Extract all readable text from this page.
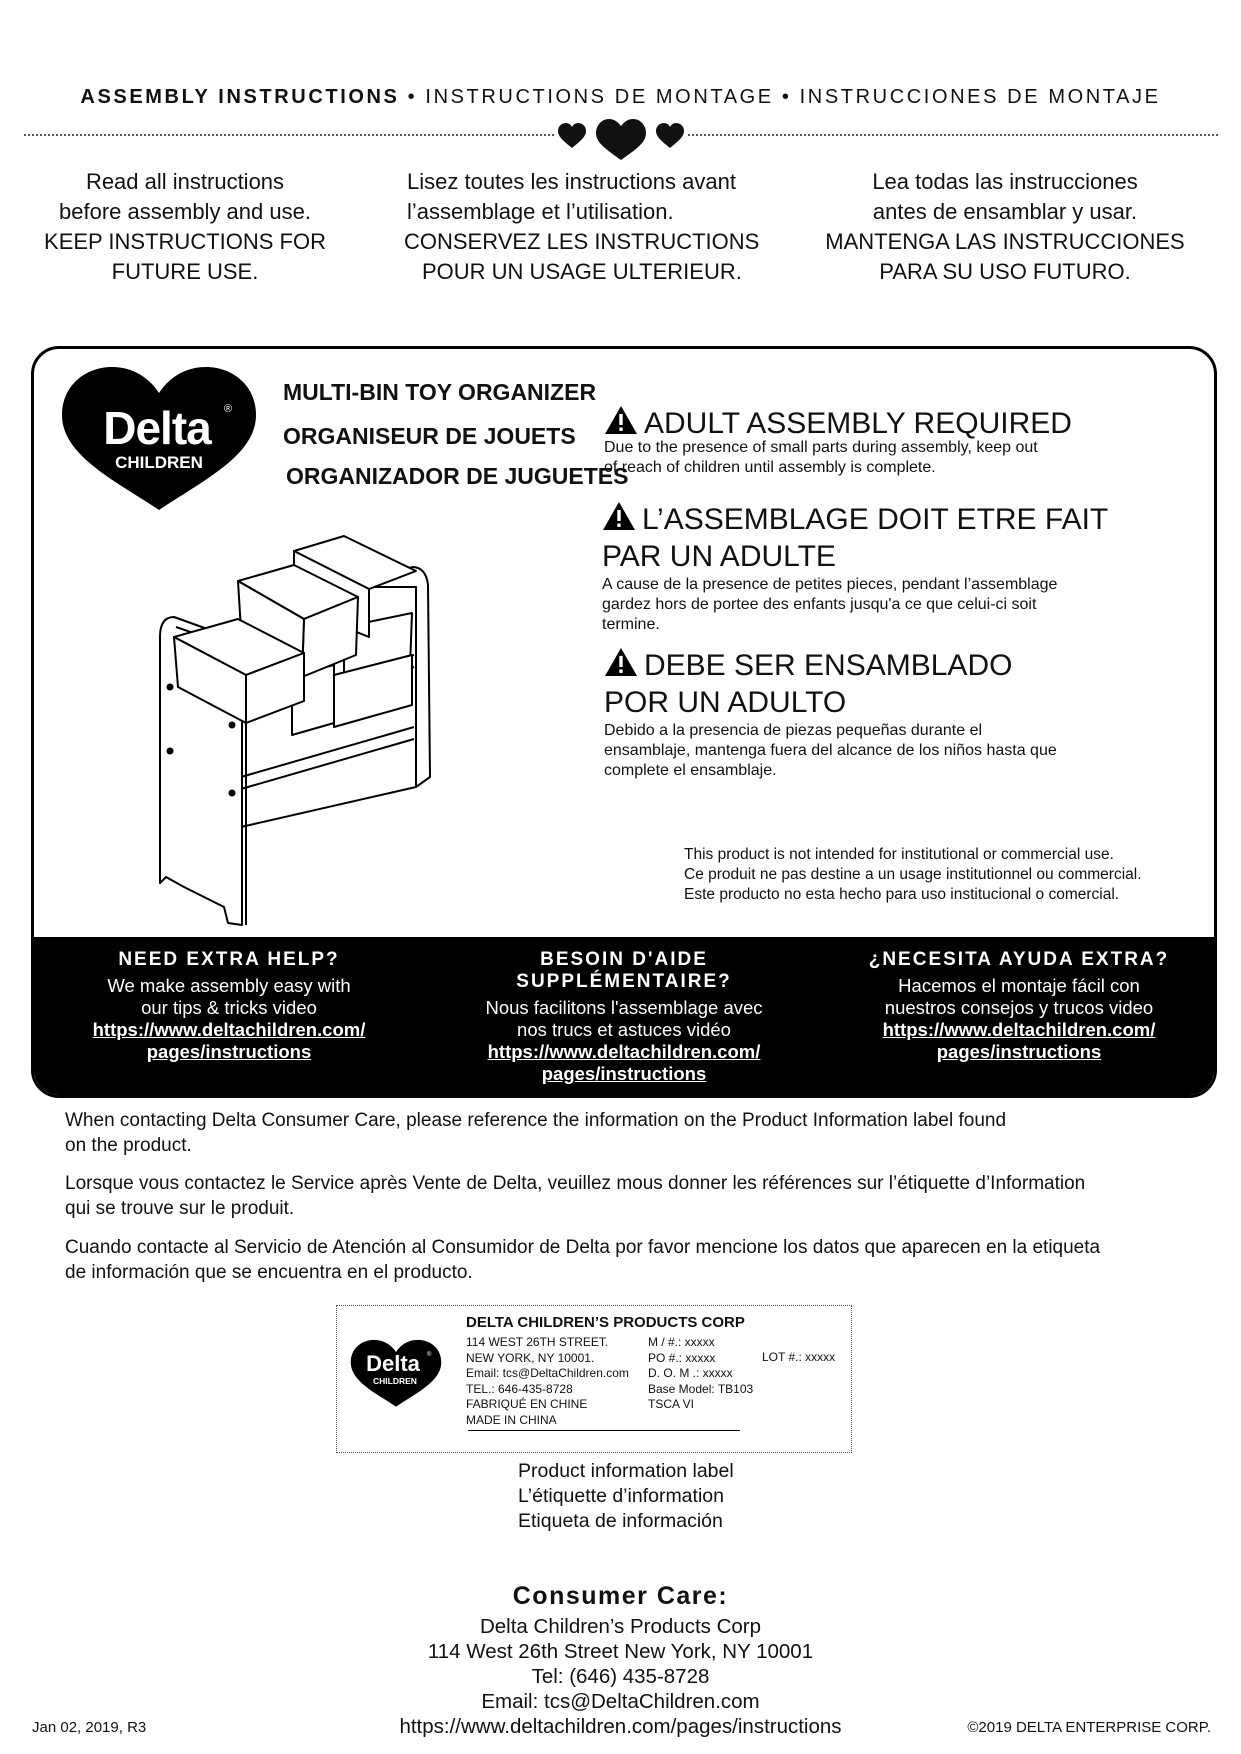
ASSEMBLY INSTRUCTIONS • INSTRUCTIONS DE MONTAGE • INSTRUCCIONES DE MONTAJE
Read all instructions
before assembly and use.
KEEP INSTRUCTIONS FOR
FUTURE USE.
Lisez toutes les instructions avant
l’assemblage et l’utilisation.
CONSERVEZ LES INSTRUCTIONS
POUR UN USAGE ULTERIEUR.
Lea todas las instrucciones
antes de ensamblar y usar.
MANTENGA LAS INSTRUCCIONES
PARA SU USO FUTURO.
Delta	®
CHILDREN
MULTI-BIN TOY ORGANIZER
ORGANISEUR DE JOUETS
ORGANIZADOR DE JUGUETES
ADULT ASSEMBLY REQUIRED
Due to the presence of small parts during assembly, keep out
of reach of children until assembly is complete.
L’ASSEMBLAGE DOIT ETRE FAIT
PAR UN ADULTE
A cause de la presence de petites pieces, pendant l’assemblage
gardez hors de portee des enfants jusqu'a ce que celui-ci soit
termine.
DEBE SER ENSAMBLADO
POR UN ADULTO
Debido a la presencia de piezas pequeñas durante el
ensamblaje, mantenga fuera del alcance de los niños hasta que
complete el ensamblaje.
This product is not intended for institutional or commercial use.
Ce produit ne pas destine a un usage institutionnel ou commercial.
Este producto no esta hecho para uso institucional o comercial.
NEED EXTRA HELP?
We make assembly easy with
our tips & tricks video
https://www.deltachildren.com/
pages/instructions
BESOIN D'AIDE SUPPLÉMENTAIRE?
Nous facilitons l'assemblage avec
nos trucs et astuces vidéo
https://www.deltachildren.com/
pages/instructions
¿NECESITA AYUDA EXTRA?
Hacemos el montaje fácil con
nuestros consejos y trucos video
https://www.deltachildren.com/
pages/instructions
When contacting Delta Consumer Care, please reference the information on the Product Information label found
on the product.
Lorsque vous contactez le Service après Vente de Delta, veuillez mous donner les références sur l’étiquette d’Information
qui se trouve sur le produit.
Cuando contacte al Servicio de Atención al Consumidor de Delta por favor mencione los datos que aparecen en la etiqueta
de información que se encuentra en el producto.
Delta	®
CHILDREN
DELTA CHILDREN’S PRODUCTS CORP
114 WEST 26TH STREET.
NEW YORK, NY 10001.
Email: tcs@DeltaChildren.com
TEL.: 646-435-8728
FABRIQUÉ EN CHINE
MADE IN CHINA
M / #.: xxxxx
PO #.: xxxxx
D. O. M .: xxxxx
Base Model: TB103
TSCA VI
LOT #.: xxxxx
Product information label
L’étiquette d’information
Etiqueta de información
Consumer Care:
Delta Children’s Products Corp
114 West 26th Street New York, NY 10001
Tel: (646) 435-8728
Email: tcs@DeltaChildren.com
https://www.deltachildren.com/pages/instructions
Jan 02, 2019, R3	©2019 DELTA ENTERPRISE CORP.
